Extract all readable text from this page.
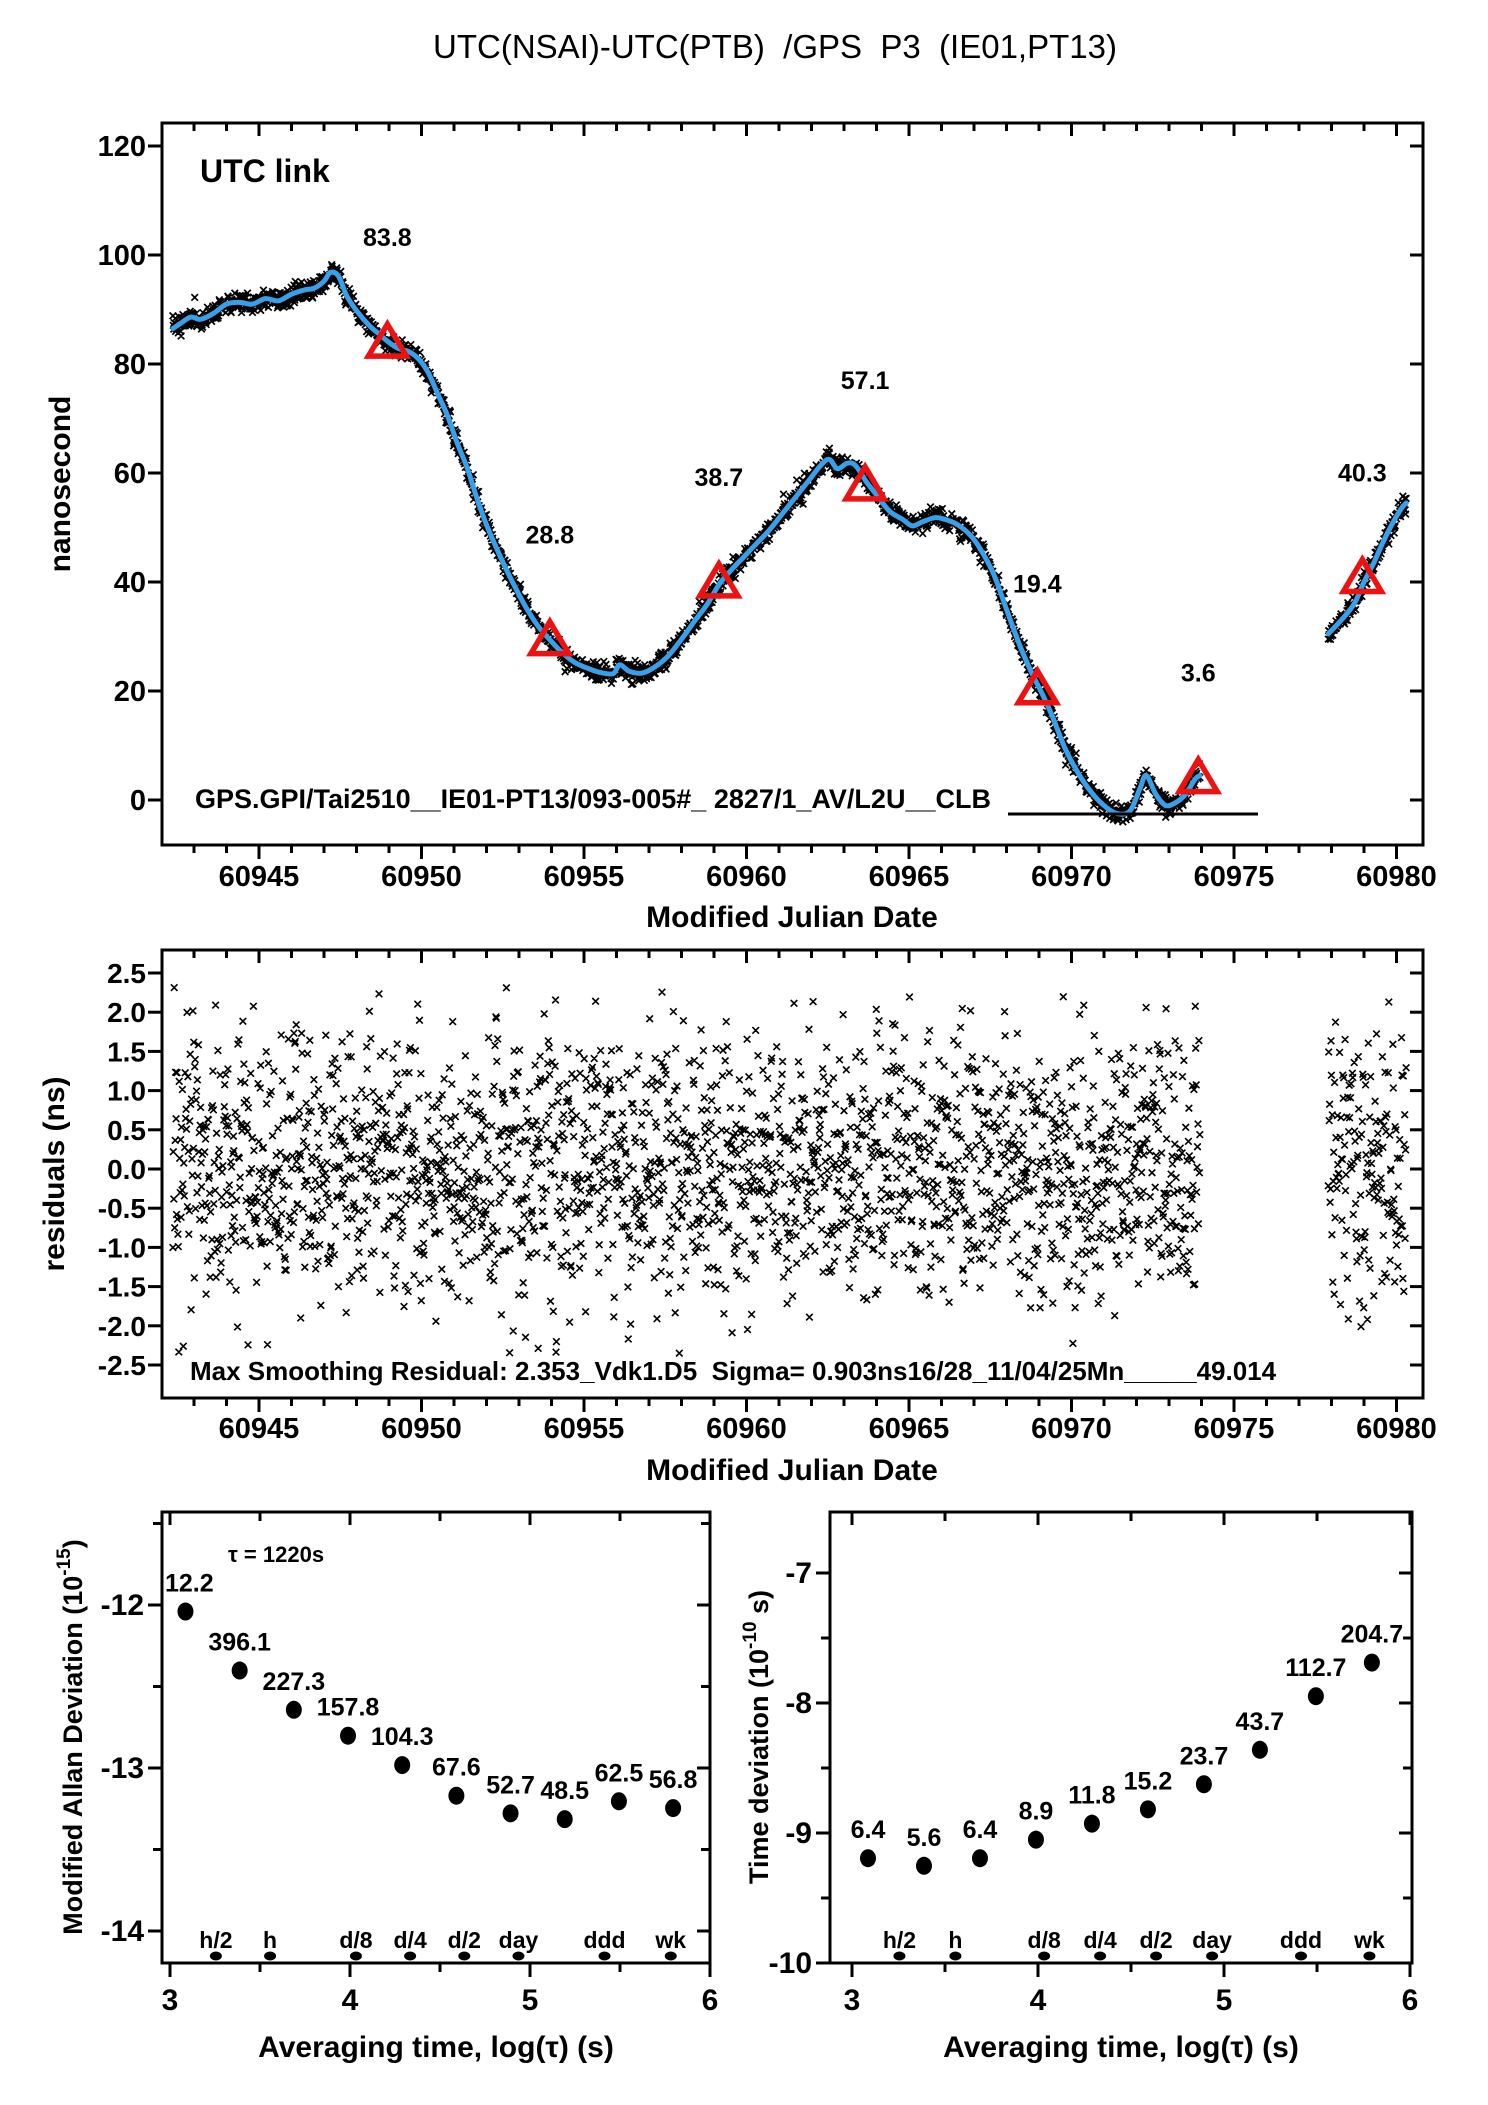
UTC(NSAI)-UTC(PTB)  /GPS  P3  (IE01,PT13)
60945	60950	60955	60960	60965	60970	60975	60980
0
20
40
60
80
100
120
83.8
28.8
38.7
57.1
19.4
3.6
40.3
UTC link
nanosecond
Modified Julian Date
GPS.GPI/Tai2510__IE01-PT13/093-005#_ 2827/1_AV/L2U__CLB
60945	60950	60955	60960	60965	60970	60975	60980
2.5
2.0
1.5
1.0
0.5
0.0
-0.5
-1.0
-1.5
-2.0
-2.5
residuals (ns)
Modified Julian Date
Max Smoothing Residual: 2.353_Vdk1.D5  Sigma= 0.903ns16/28_11/04/25Mn_____49.014
3	4	5	6
-12
-13
-14
12.2
396.1
227.3
157.8
104.3
67.6
52.7 48.5
62.5 56.8
h/2 h	d/8 d/4 d/2 day ddd wk
Modified Allan Deviation $(10^{-15})$
Averaging time, log(τ) (s)
τ = 1220s
3	4	5	6
-7
-8
-9
-10
6.4 5.6 6.4
8.9
11.8
15.2
23.7
43.7
112.7
204.7
h/2 h	d/8 d/4 d/2 day ddd wk
Time deviation ($10^{-10}$ s)
Averaging time, log(τ) (s)
